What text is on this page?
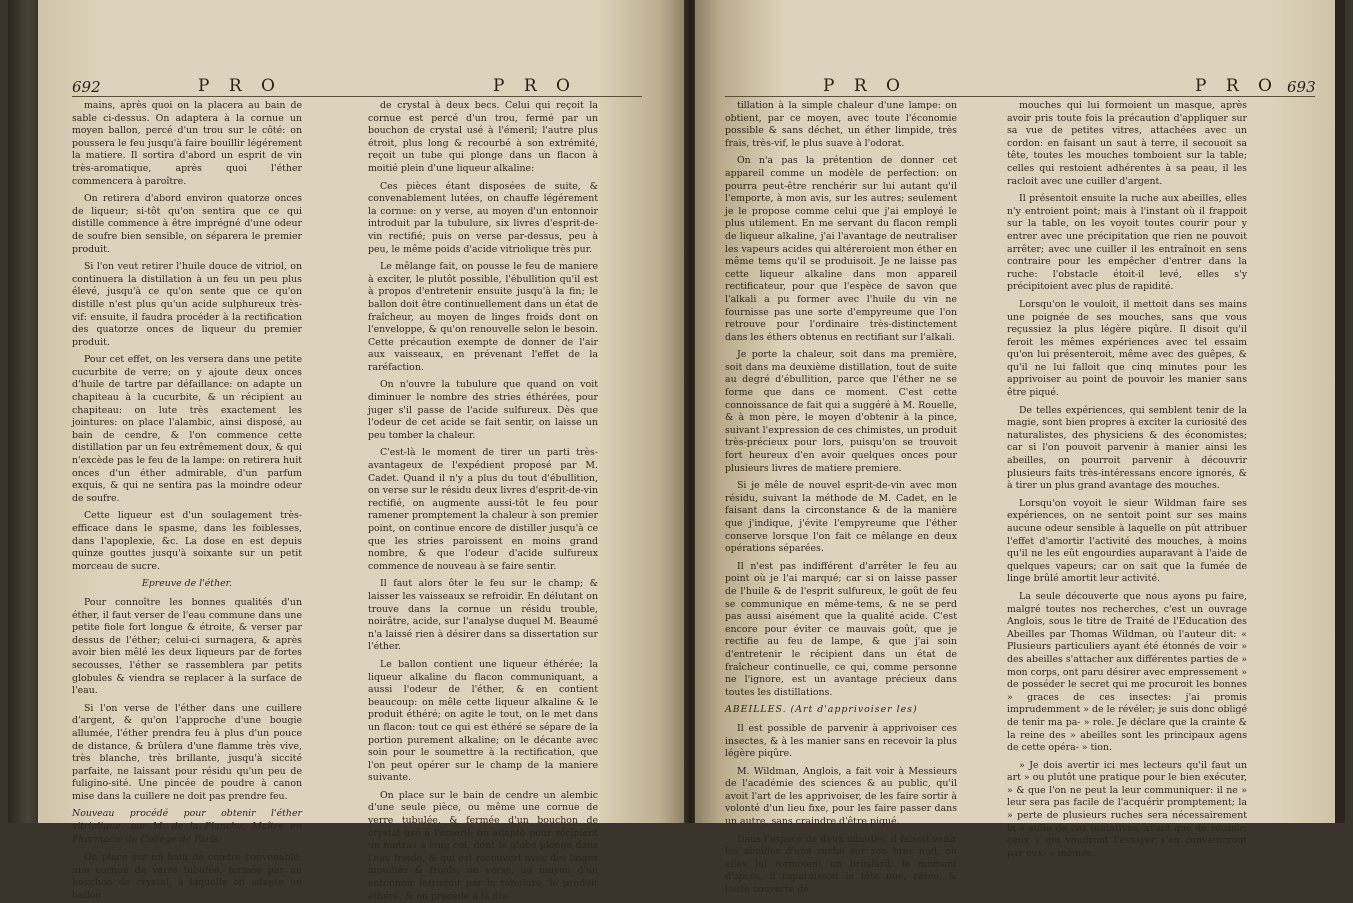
692	P R O	P R O

mains, après quoi on la placera au bain de sable ci-dessus. On adaptera à la cornue un moyen ballon, percé d'un trou sur le côté: on poussera le feu jusqu'à faire bouillir légérement la matiere. Il sortira d'abord un esprit de vin très-aromatique, après quoi l'éther commencera à paroître.

On retirera d'abord environ quatorze onces de liqueur; si-tôt qu'on sentira que ce qui distille commence à être imprégné d'une odeur de soufre bien sensible, on séparera le premier produit.

Si l'on veut retirer l'huile douce de vitriol, on continuera la distillation à un feu un peu plus élevé, jusqu'à ce qu'on sente que ce qu'on distille n'est plus qu'un acide sulphureux très-vif: ensuite, il faudra procéder à la rectification des quatorze onces de liqueur du premier produit.

Pour cet effet, on les versera dans une petite cucurbite de verre; on y ajoute deux onces d'huile de tartre par défaillance: on adapte un chapiteau à la cucurbite, & un récipient au chapiteau: on lute très exactement les jointures: on place l'alambic, ainsi disposé, au bain de cendre, & l'on commence cette distillation par un feu extrêmement doux, & qui n'excède pas le feu de la lampe: on retirera huit onces d'un éther admirable, d'un parfum exquis, & qui ne sentira pas la moindre odeur de soufre.

Cette liqueur est d'un soulagement très-efficace dans le spasme, dans les foiblesses, dans l'apoplexie, &c. La dose en est depuis quinze gouttes jusqu'à soixante sur un petit morceau de sucre.

Epreuve de l'éther.

Pour connoître les bonnes qualités d'un éther, il faut verser de l'eau commune dans une petite fiole fort longue & étroite, & verser par dessus de l'éther; celui-ci surnagera, & après avoir bien mêlé les deux liqueurs par de fortes secousses, l'éther se rassemblera par petits globules & viendra se replacer à la surface de l'eau.

Si l'on verse de l'éther dans une cuillere d'argent, & qu'on l'approche d'une bougie allumée, l'éther prendra feu à plus d'un pouce de distance, & brûlera d'une flamme très vive, très blanche, très brillante, jusqu'à siccité parfaite, ne laissant pour résidu qu'un peu de fuligino-sité. Une pincée de poudre à canon mise dans la cuillere ne doit pas prendre feu.

Nouveau procédé pour obtenir l'éther vitriolique, par M. de la Planche, Maître en Pharmacie du Collège de Paris.

On place sur un bain de cendre convenable, une cornue de verre tubulée, fermée par un bouchon de crystal, à laquelle on adapte un ballon

de crystal à deux becs. Celui qui reçoit la cornue est percé d'un trou, fermé par un bouchon de crystal usé à l'émeril; l'autre plus étroit, plus long & recourbé à son extrémité, reçoit un tube qui plonge dans un flacon à moitié plein d'une liqueur alkaline:

Ces pièces étant disposées de suite, & convenablement lutées, on chauffe légérement la cornue: on y verse, au moyen d'un entonnoir introduit par la tubulure, six livres d'esprit-de-vin rectifié; puis on verse par-dessus, peu à peu, le même poids d'acide vitriolique très pur.

Le mêlange fait, on pousse le feu de maniere à exciter, le plutôt possible, l'ébullition qu'il est à propos d'entretenir ensuite jusqu'à la fin; le ballon doit être continuellement dans un état de fraîcheur, au moyen de linges froids dont on l'enveloppe, & qu'on renouvelle selon le besoin. Cette précaution exempte de donner de l'air aux vaisseaux, en prévenant l'effet de la raréfaction.

On n'ouvre la tubulure que quand on voit diminuer le nombre des stries éthérées, pour juger s'il passe de l'acide sulfureux. Dès que l'odeur de cet acide se fait sentir, on laisse un peu tomber la chaleur.

C'est-là le moment de tirer un parti très-avantageux de l'expédient proposé par M. Cadet. Quand il n'y a plus du tout d'ébullition, on verse sur le résidu deux livres d'esprit-de-vin rectifié, on augmente aussi-tôt le feu pour ramener promptement la chaleur à son premier point, on continue encore de distiller jusqu'à ce que les stries paroissent en moins grand nombre, & que l'odeur d'acide sulfureux commence de nouveau à se faire sentir.

Il faut alors ôter le feu sur le champ; & laisser les vaisseaux se refroidir. En délutant on trouve dans la cornue un résidu trouble, noirâtre, acide, sur l'analyse duquel M. Beaumé n'a laissé rien à désirer dans sa dissertation sur l'éther.

Le ballon contient une liqueur éthérée; la liqueur alkaline du flacon communiquant, a aussi l'odeur de l'éther, & en contient beaucoup: on mêle cette liqueur alkaline & le produit éthéré; on agite le tout, on le met dans un flacon: tout ce qui est éthéré se sépare de la portion purement alkaline; on le décante avec soin pour le soumettre à la rectification, que l'on peut opérer sur le champ de la maniere suivante.

On place sur le bain de cendre un alembic d'une seule pièce, ou même une cornue de verre tubulée, & fermée d'un bouchon de crystal usé à l'émeril; on adapte pour récipient un matras à long col, dont le globe plonge dans l'eau froide, & qui est recouvert avec des linges mouillés & froids; on verse, au moyen d'un entonnoir introduit par la tubulure, le produit éthéré, & on procède à la dis-

P R O	P R O 693

tillation à la simple chaleur d'une lampe: on obtient, par ce moyen, avec toute l'économie possible & sans déchet, un éther limpide, très frais, très-vif, le plus suave à l'odorat.

On n'a pas la prétention de donner cet appareil comme un modèle de perfection: on pourra peut-être renchérir sur lui autant qu'il l'emporte, à mon avis, sur les autres; seulement je le propose comme celui que j'ai employé le plus utilement. En me servant du flacon rempli de liqueur alkaline, j'ai l'avantage de neutraliser les vapeurs acides qui altéreroient mon éther en même tems qu'il se produisoit. Je ne laisse pas cette liqueur alkaline dans mon appareil rectificateur, pour que l'espèce de savon que l'alkali a pu former avec l'huile du vin ne fournisse pas une sorte d'empyreume que l'on retrouve pour l'ordinaire très-distinctement dans les éthers obtenus en rectifiant sur l'alkali.

Je porte la chaleur, soit dans ma première, soit dans ma deuxième distillation, tout de suite au degré d'ébullition, parce que l'éther ne se forme que dans ce moment. C'est cette connoissance de fait qui a suggéré à M. Rouelle, & à mon père, le moyen d'obtenir à la pince, suivant l'expression de ces chimistes, un produit très-précieux pour lors, puisqu'on se trouvoit fort heureux d'en avoir quelques onces pour plusieurs livres de matiere premiere.

Si je mêle de nouvel esprit-de-vin avec mon résidu, suivant la méthode de M. Cadet, en le faisant dans la circonstance & de la manière que j'indique, j'évite l'empyreume que l'éther conserve lorsque l'on fait ce mêlange en deux opérations séparées.

Il n'est pas indifférent d'arrêter le feu au point où je l'ai marqué; car si on laisse passer de l'huile & de l'esprit sulfureux, le goût de feu se communique en même-tems, & ne se perd pas aussi aisément que la qualité acide. C'est encore pour éviter ce mauvais goût, que je rectifie au feu de lampe, & que j'ai soin d'entretenir le récipient dans un état de fraîcheur continuelle, ce qui, comme personne ne l'ignore, est un avantage précieux dans toutes les distillations.

ABEILLES. (Art d'apprivoiser les)

Il est possible de parvenir à apprivoiser ces insectes, & à les manier sans en recevoir la plus légère piqûre.

M. Wildman, Anglois, a fait voir à Messieurs de l'académie des sciences & au public, qu'il avoit l'art de les apprivoiser, de les faire sortir à volonté d'un lieu fixe, pour les faire passer dans un autre, sans craindre d'être piqué.

Dans l'espace de deux minutes, il faisoit venir les abeilles d'une ruche sur son bras nud, où elles lui formoient un bruslard; le moment d'après, il reparoissoit la tête nue, rasée, & toute couverte de

mouches qui lui formoient un masque, après avoir pris toute fois la précaution d'appliquer sur sa vue de petites vitres, attachées avec un cordon: en faisant un saut à terre, il secouoit sa tête, toutes les mouches tomboient sur la table; celles qui restoient adhérentes à sa peau, il les racloit avec une cuiller d'argent.

Il présentoit ensuite la ruche aux abeilles, elles n'y entroient point; mais à l'instant où il frappoit sur la table, on les voyoit toutes courir pour y entrer avec une précipitation que rien ne pouvoit arrêter; avec une cuiller il les entraînoit en sens contraire pour les empêcher d'entrer dans la ruche: l'obstacle étoit-il levé, elles s'y précipitoient avec plus de rapidité.

Lorsqu'on le vouloit, il mettoit dans ses mains une poignée de ses mouches, sans que vous reçussiez la plus légère piqûre. Il disoit qu'il feroit les mêmes expériences avec tel essaim qu'on lui présenteroit, même avec des guêpes, & qu'il ne lui falloit que cinq minutes pour les apprivoiser au point de pouvoir les manier sans être piqué.

De telles expériences, qui semblent tenir de la magie, sont bien propres à exciter la curiosité des naturalistes, des physiciens & des économistes; car si l'on pouvoit parvenir à manier ainsi les abeilles, on pourroit parvenir à découvrir plusieurs faits très-intéressans encore ignorés, & à tirer un plus grand avantage des mouches.

Lorsqu'on voyoit le sieur Wildman faire ses expériences, on ne sentoit point sur ses mains aucune odeur sensible à laquelle on pût attribuer l'effet d'amortir l'activité des mouches, à moins qu'il ne les eût engourdies auparavant à l'aide de quelques vapeurs; car on sait que la fumée de linge brûlé amortit leur activité.

La seule découverte que nous ayons pu faire, malgré toutes nos recherches, c'est un ouvrage Anglois, sous le titre de Traité de l'Education des Abeilles par Thomas Wildman, où l'auteur dit: « Plusieurs particuliers ayant été étonnés de voir » des abeilles s'attacher aux différentes parties de » mon corps, ont paru désirer avec empressement » de posséder le secret qui me procuroit les bonnes » graces de ces insectes: j'ai promis imprudemment » de le révéler; je suis donc obligé de tenir ma pa- » role. Je déclare que la crainte & la reine des » abeilles sont les principaux agens de cette opéra- » tion.

» Je dois avertir ici mes lecteurs qu'il faut un art » ou plutôt une pratique pour le bien exécuter, » & que l'on ne peut la leur communiquer: il ne » leur sera pas facile de l'acquérir promptement; la » perte de plusieurs ruches sera nécessairement la » suite de ces tentatives, avant que de réussir: ceux » qui voudront l'essayer s'en convaincront par eux- » mêmes.
